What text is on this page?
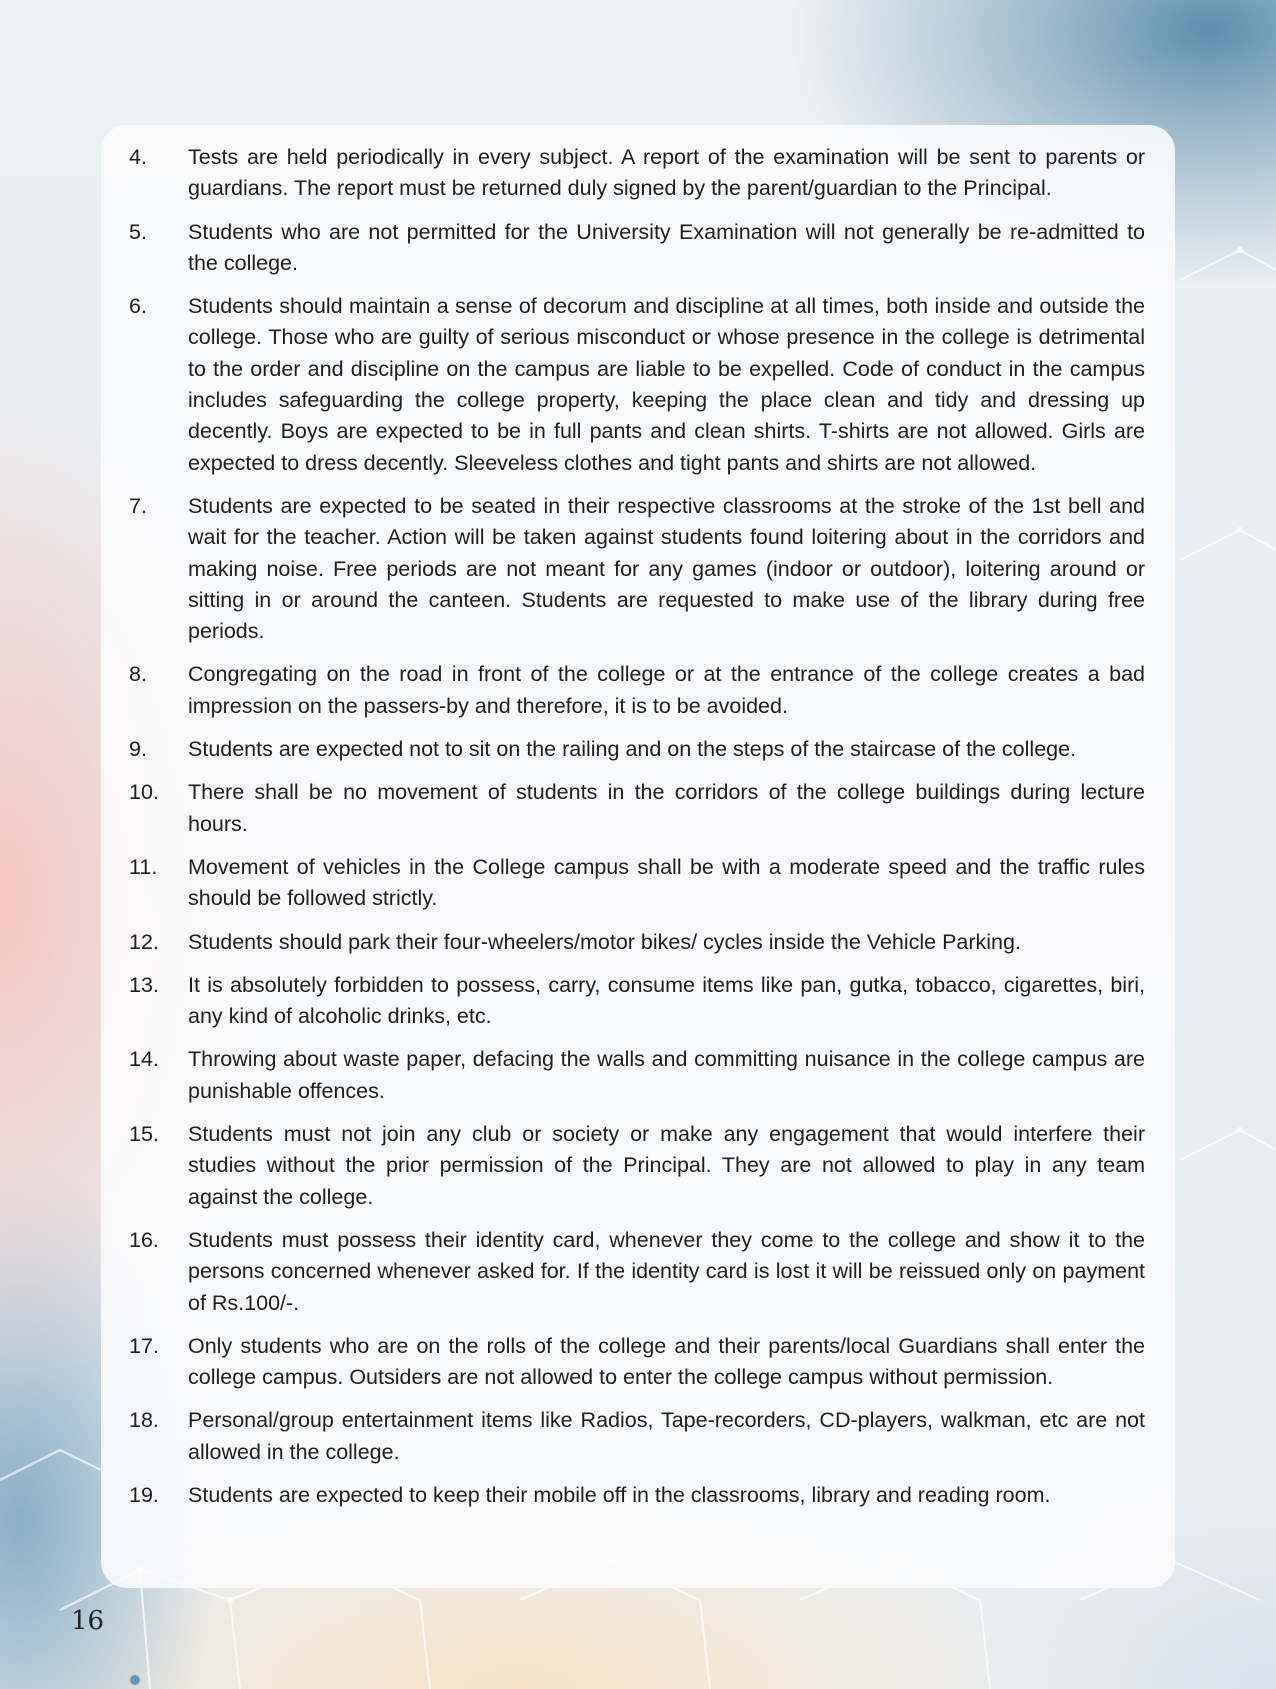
4.	Tests are held periodically in every subject. A report of the examination will be sent to parents or guardians. The report must be returned duly signed by the parent/guardian to the Principal.
5.	Students who are not permitted for the University Examination will not generally be re-admitted to the college.
6.	Students should maintain a sense of decorum and discipline at all times, both inside and outside the college. Those who are guilty of serious misconduct or whose presence in the college is detrimental to the order and discipline on the campus are liable to be expelled. Code of conduct in the campus includes safeguarding the college property, keeping the place clean and tidy and dressing up decently. Boys are expected to be in full pants and clean shirts. T-shirts are not allowed. Girls are expected to dress decently. Sleeveless clothes and tight pants and shirts are not allowed.
7.	Students are expected to be seated in their respective classrooms at the stroke of the 1st bell and wait for the teacher. Action will be taken against students found loitering about in the corridors and making noise. Free periods are not meant for any games (indoor or outdoor), loitering around or sitting in or around the canteen. Students are requested to make use of the library during free periods.
8.	Congregating on the road in front of the college or at the entrance of the college creates a bad impression on the passers-by and therefore, it is to be avoided.
9.	Students are expected not to sit on the railing and on the steps of the staircase of the college.
10.	There shall be no movement of students in the corridors of the college buildings during lecture hours.
11.	Movement of vehicles in the College campus shall be with a moderate speed and the traffic rules should be followed strictly.
12.	Students should park their four-wheelers/motor bikes/ cycles inside the Vehicle Parking.
13.	It is absolutely forbidden to possess, carry, consume items like pan, gutka, tobacco, cigarettes, biri, any kind of alcoholic drinks, etc.
14.	Throwing about waste paper, defacing the walls and committing nuisance in the college campus are punishable offences.
15.	Students must not join any club or society or make any engagement that would interfere their studies without the prior permission of the Principal. They are not allowed to play in any team against the college.
16.	Students must possess their identity card, whenever they come to the college and show it to the persons concerned whenever asked for. If the identity card is lost it will be reissued only on payment of Rs.100/-.
17.	Only students who are on the rolls of the college and their parents/local Guardians shall enter the college campus. Outsiders are not allowed to enter the college campus without permission.
18.	Personal/group entertainment items like Radios, Tape-recorders, CD-players, walkman, etc are not allowed in the college.
19.	Students are expected to keep their mobile off in the classrooms, library and reading room.
16
